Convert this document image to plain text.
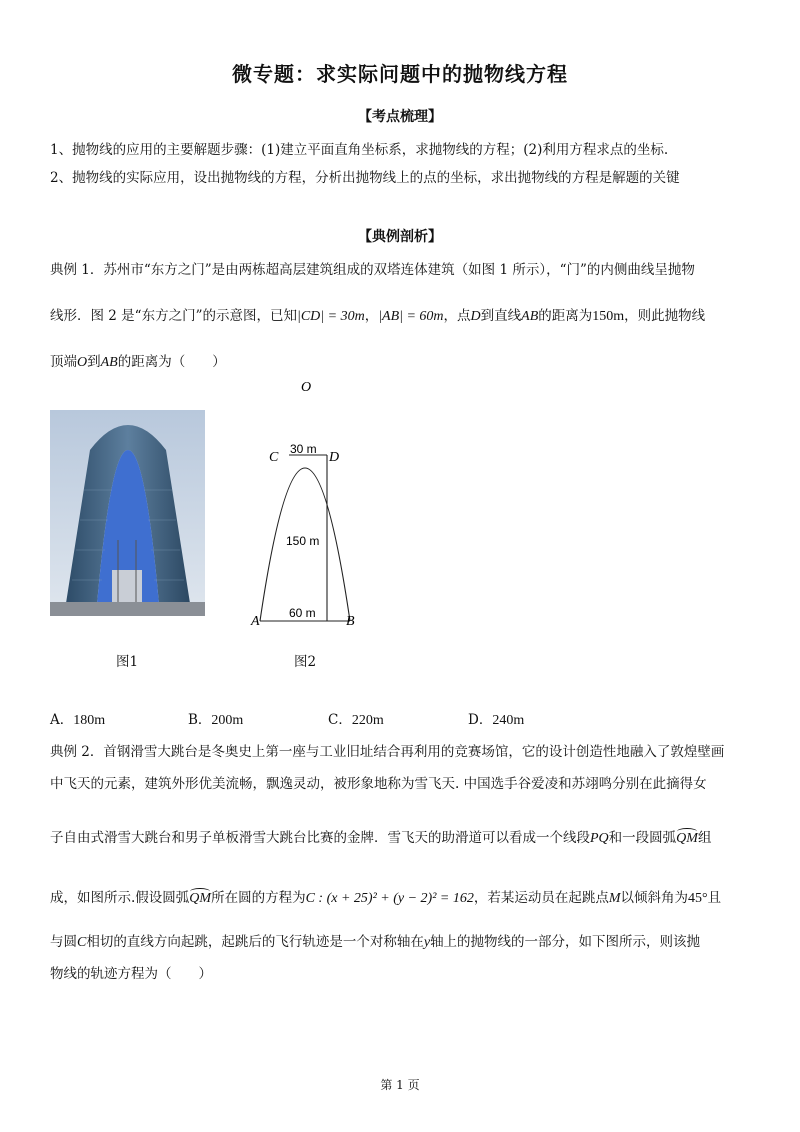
微专题：求实际问题中的抛物线方程
【考点梳理】
1、抛物线的应用的主要解题步骤：(1)建立平面直角坐标系，求抛物线的方程；(2)利用方程求点的坐标.
2、抛物线的实际应用，设出抛物线的方程，分析出抛物线上的点的坐标，求出抛物线的方程是解题的关键
【典例剖析】
典例 1．苏州市“东方之门”是由两栋超高层建筑组成的双塔连体建筑（如图 1 所示），“门”的内侧曲线呈抛物
线形．图 2 是“东方之门”的示意图，已知|CD| = 30m，|AB| = 60m，点D到直线AB的距离为150m，则此抛物线
顶端O到AB的距离为（　　）
图1
O
C	D
30 m
150 m
60 m
A	B
图2
A．180m	B．200m	C．220m	D．240m
典例 2．首钢滑雪大跳台是冬奥史上第一座与工业旧址结合再利用的竞赛场馆，它的设计创造性地融入了敦煌壁画
中飞天的元素，建筑外形优美流畅，飘逸灵动，被形象地称为雪飞天. 中国选手谷爱凌和苏翊鸣分别在此摘得女
子自由式滑雪大跳台和男子单板滑雪大跳台比赛的金牌．雪飞天的助滑道可以看成一个线段PQ和一段圆弧QM组
成，如图所示.假设圆弧QM所在圆的方程为C : (x + 25)² + (y − 2)² = 162，若某运动员在起跳点M以倾斜角为45°且
与圆C相切的直线方向起跳，起跳后的飞行轨迹是一个对称轴在y轴上的抛物线的一部分，如下图所示，则该抛
物线的轨迹方程为（　　）
第 1 页
